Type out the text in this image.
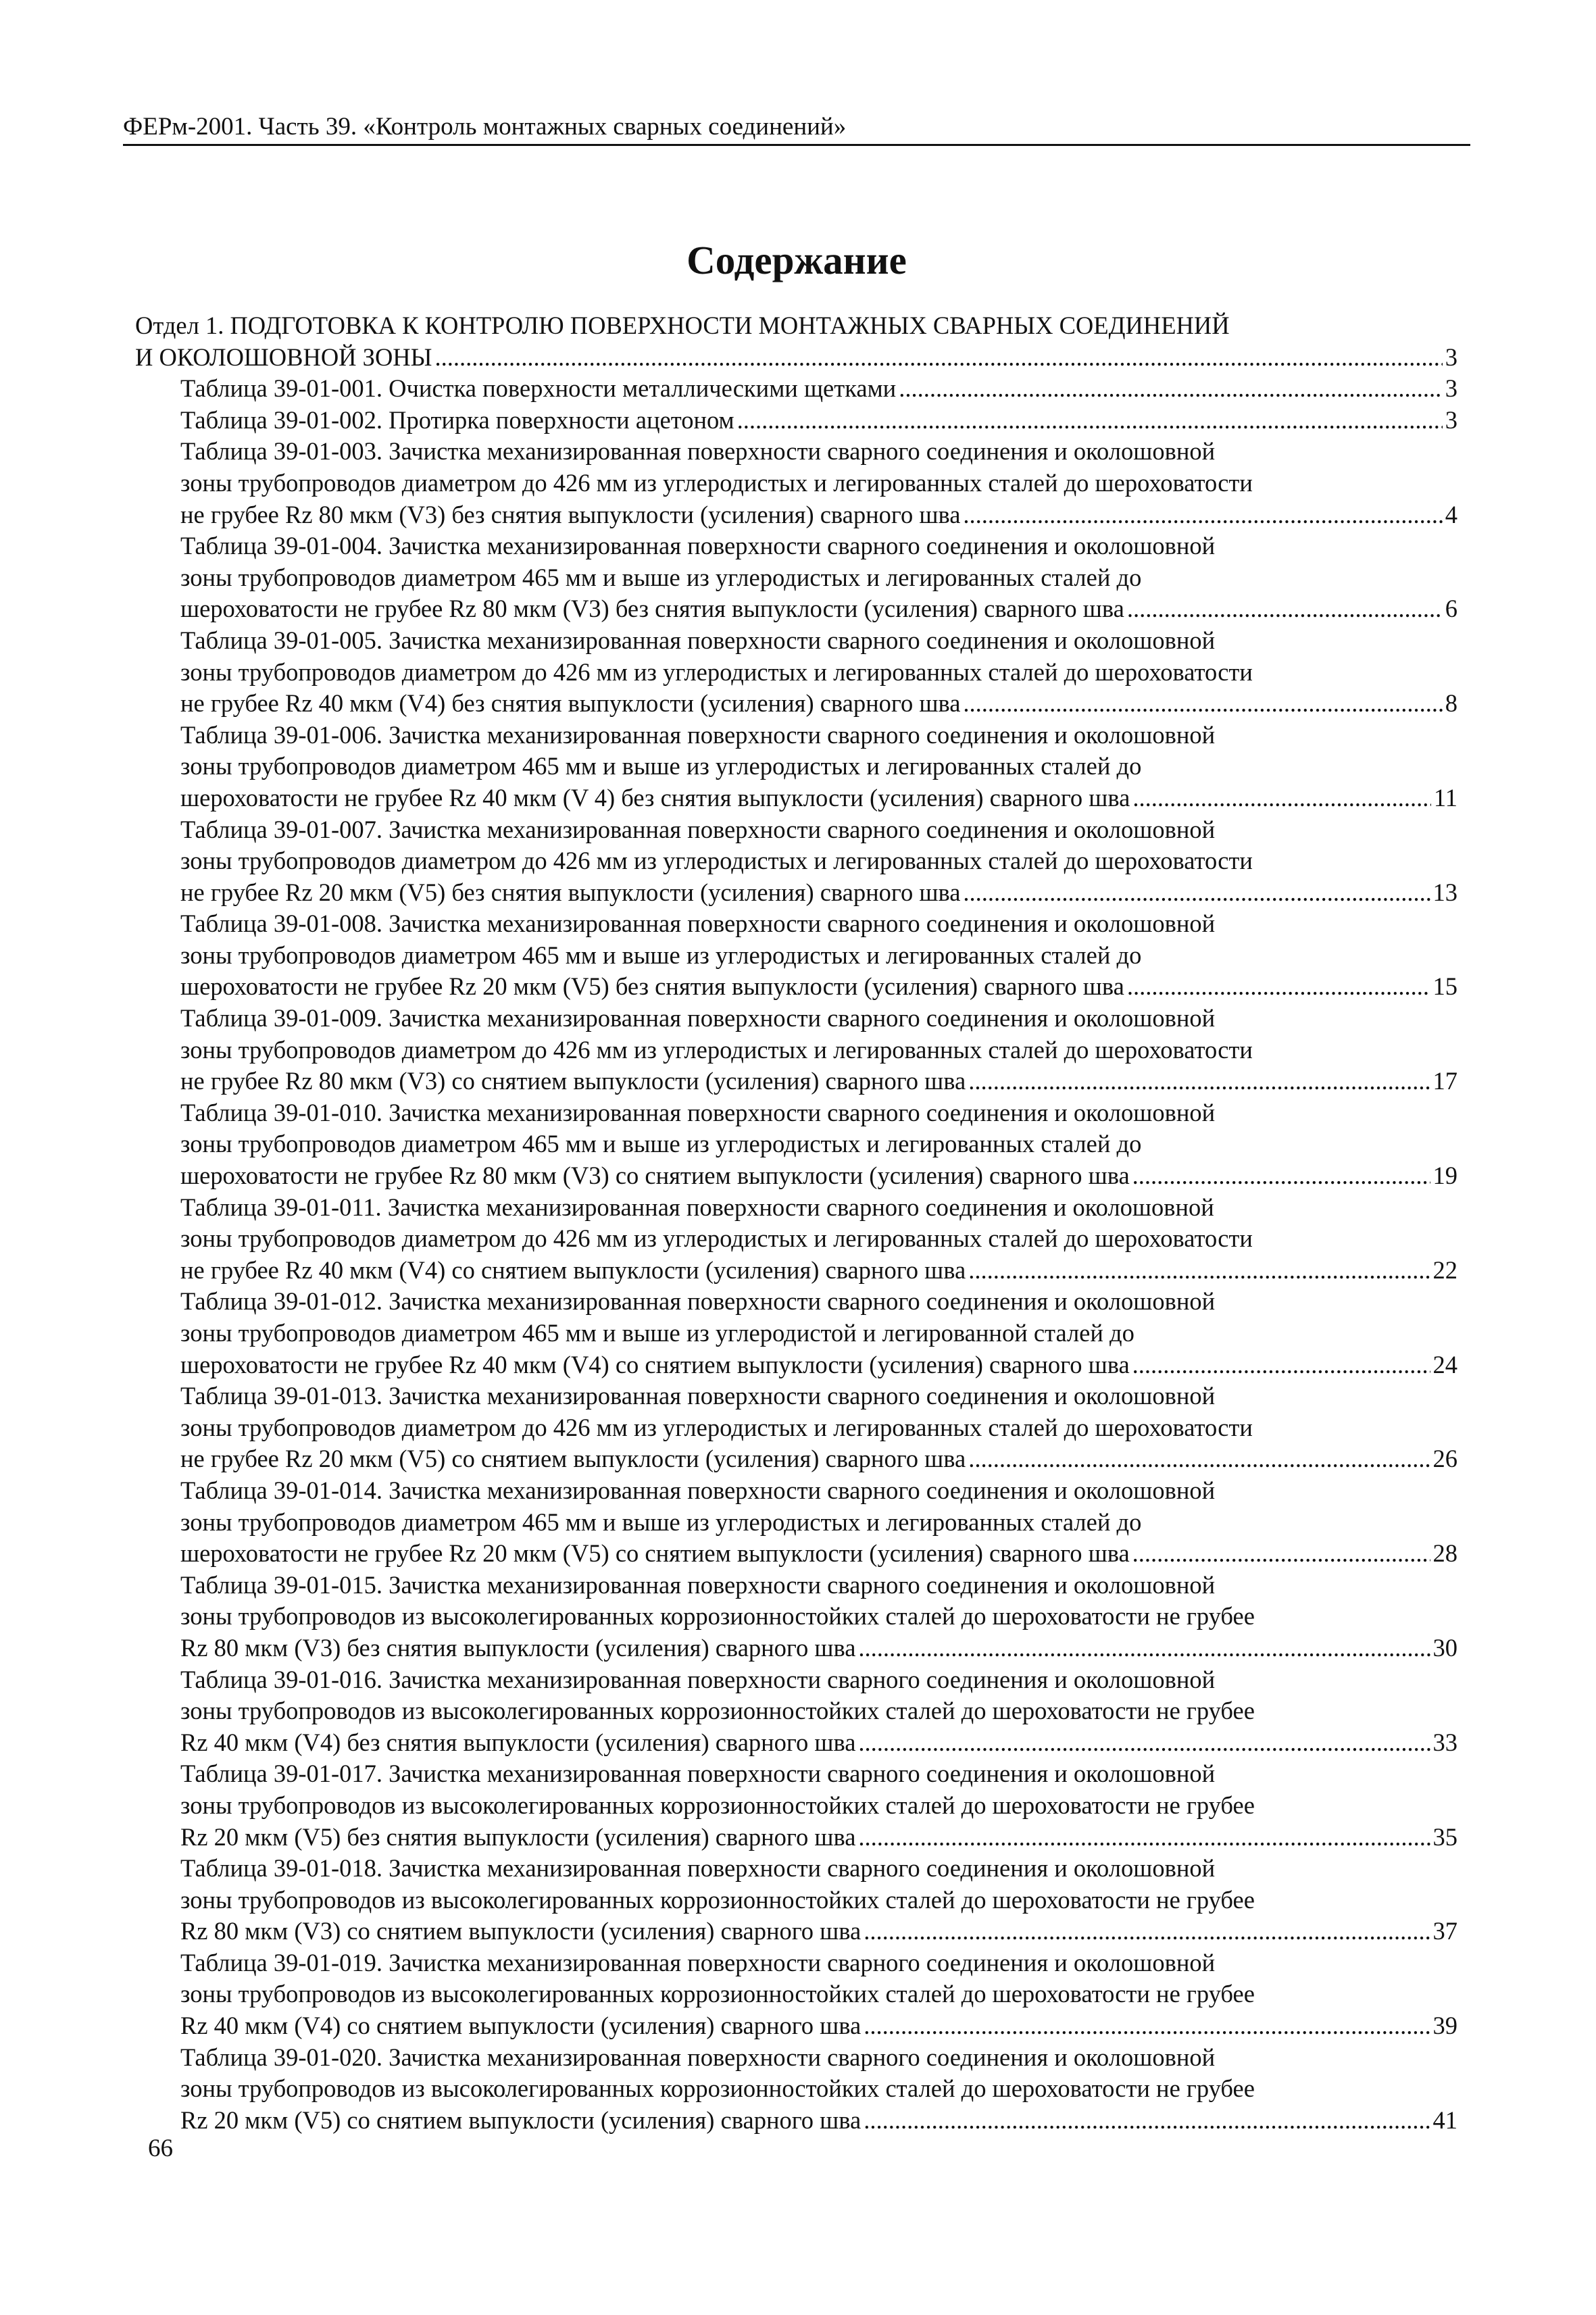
ФЕРм-2001. Часть 39. «Контроль монтажных сварных соединений»
Содержание
Отдел 1. ПОДГОТОВКА К КОНТРОЛЮ ПОВЕРХНОСТИ МОНТАЖНЫХ СВАРНЫХ СОЕДИНЕНИЙ
И ОКОЛОШОВНОЙ ЗОНЫ .....	3
Таблица 39-01-001. Очистка поверхности металлическими щетками .....	3
Таблица 39-01-002. Протирка поверхности ацетоном .....	3
Таблица 39-01-003. Зачистка механизированная поверхности сварного соединения и околошовной
зоны трубопроводов диаметром до 426 мм из углеродистых и легированных сталей до шероховатости
не грубее Rz 80 мкм (V3) без снятия выпуклости (усиления) сварного шва .....	4
Таблица 39-01-004. Зачистка механизированная поверхности сварного соединения и околошовной
зоны трубопроводов диаметром 465 мм и выше из углеродистых и легированных сталей до
шероховатости не грубее Rz 80 мкм (V3) без снятия выпуклости (усиления) сварного шва .....	6
Таблица 39-01-005. Зачистка механизированная поверхности сварного соединения и околошовной
зоны трубопроводов диаметром до 426 мм из углеродистых и легированных сталей до шероховатости
не грубее Rz 40 мкм (V4) без снятия выпуклости (усиления) сварного шва .....	8
Таблица 39-01-006. Зачистка механизированная поверхности сварного соединения и околошовной
зоны трубопроводов диаметром 465 мм и выше из углеродистых и легированных сталей до
шероховатости не грубее Rz 40 мкм (V 4) без снятия выпуклости (усиления) сварного шва .....	11
Таблица 39-01-007. Зачистка механизированная поверхности сварного соединения и околошовной
зоны трубопроводов диаметром до 426 мм из углеродистых и легированных сталей до шероховатости
не грубее Rz 20 мкм (V5) без снятия выпуклости (усиления) сварного шва .....	13
Таблица 39-01-008. Зачистка механизированная поверхности сварного соединения и околошовной
зоны трубопроводов диаметром 465 мм и выше из углеродистых и легированных сталей до
шероховатости не грубее Rz 20 мкм (V5) без снятия выпуклости (усиления) сварного шва .....	15
Таблица 39-01-009. Зачистка механизированная поверхности сварного соединения и околошовной
зоны трубопроводов диаметром до 426 мм из углеродистых и легированных сталей до шероховатости
не грубее Rz 80 мкм (V3) со снятием выпуклости (усиления) сварного шва .....	17
Таблица 39-01-010. Зачистка механизированная поверхности сварного соединения и околошовной
зоны трубопроводов диаметром 465 мм и выше из углеродистых и легированных сталей до
шероховатости не грубее Rz 80 мкм (V3) со снятием выпуклости (усиления) сварного шва .....	19
Таблица 39-01-011. Зачистка механизированная поверхности сварного соединения и околошовной
зоны трубопроводов диаметром до 426 мм из углеродистых и легированных сталей до шероховатости
не грубее Rz 40 мкм (V4) со снятием выпуклости (усиления) сварного шва .....	22
Таблица 39-01-012. Зачистка механизированная поверхности сварного соединения и околошовной
зоны трубопроводов диаметром 465 мм и выше из углеродистой и легированной сталей до
шероховатости не грубее Rz 40 мкм (V4) со снятием выпуклости (усиления) сварного шва .....	24
Таблица 39-01-013. Зачистка механизированная поверхности сварного соединения и околошовной
зоны трубопроводов диаметром до 426 мм из углеродистых и легированных сталей до шероховатости
не грубее Rz 20 мкм (V5) со снятием выпуклости (усиления) сварного шва .....	26
Таблица 39-01-014. Зачистка механизированная поверхности сварного соединения и околошовной
зоны трубопроводов диаметром 465 мм и выше из углеродистых и легированных сталей до
шероховатости не грубее Rz 20 мкм (V5) со снятием выпуклости (усиления) сварного шва .....	28
Таблица 39-01-015. Зачистка механизированная поверхности сварного соединения и околошовной
зоны трубопроводов из высоколегированных коррозионностойких сталей до шероховатости не грубее
Rz 80 мкм (V3) без снятия выпуклости (усиления) сварного шва .....	30
Таблица 39-01-016. Зачистка механизированная поверхности сварного соединения и околошовной
зоны трубопроводов из высоколегированных коррозионностойких сталей до шероховатости не грубее
Rz 40 мкм (V4) без снятия выпуклости (усиления) сварного шва .....	33
Таблица 39-01-017. Зачистка механизированная поверхности сварного соединения и околошовной
зоны трубопроводов из высоколегированных коррозионностойких сталей до шероховатости не грубее
Rz 20 мкм (V5) без снятия выпуклости (усиления) сварного шва .....	35
Таблица 39-01-018. Зачистка механизированная поверхности сварного соединения и околошовной
зоны трубопроводов из высоколегированных коррозионностойких сталей до шероховатости не грубее
Rz 80 мкм (V3) со снятием выпуклости (усиления) сварного шва .....	37
Таблица 39-01-019. Зачистка механизированная поверхности сварного соединения и околошовной
зоны трубопроводов из высоколегированных коррозионностойких сталей до шероховатости не грубее
Rz 40 мкм (V4) со снятием выпуклости (усиления) сварного шва .....	39
Таблица 39-01-020. Зачистка механизированная поверхности сварного соединения и околошовной
зоны трубопроводов из высоколегированных коррозионностойких сталей до шероховатости не грубее
Rz 20 мкм (V5) со снятием выпуклости (усиления) сварного шва .....	41
66
